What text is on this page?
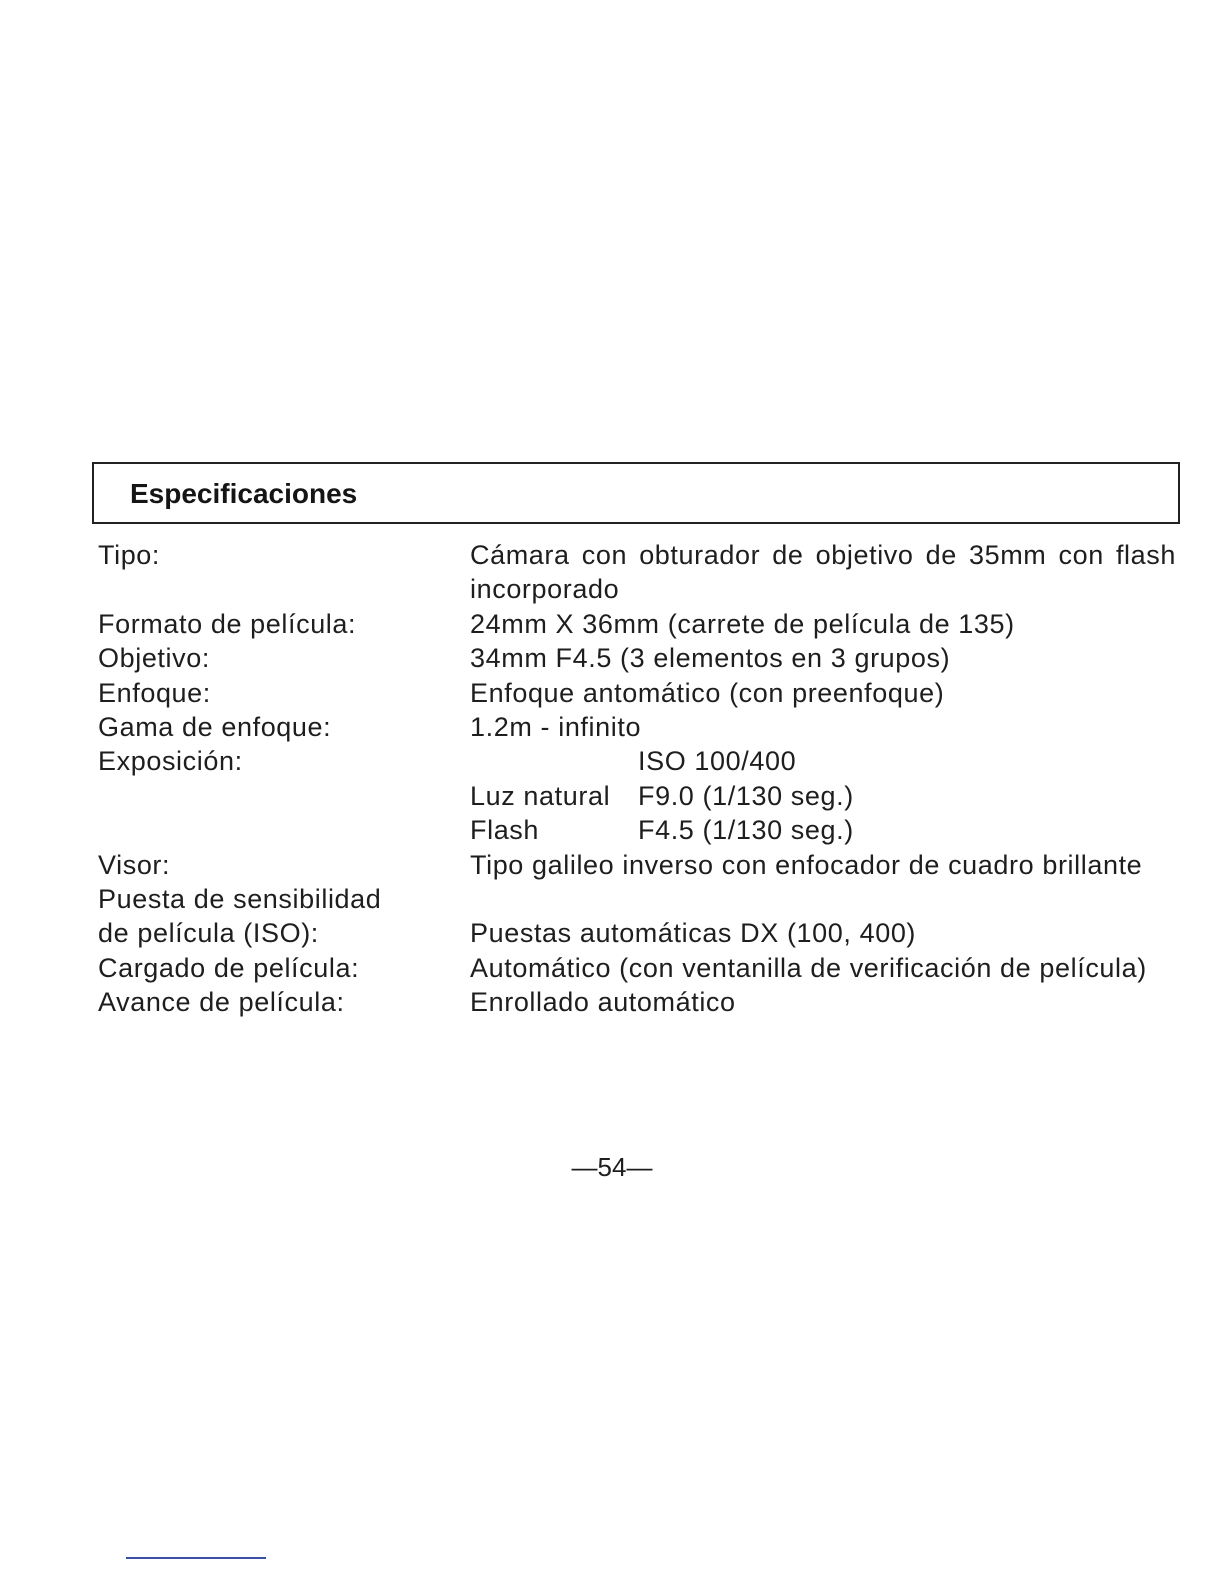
Especificaciones
Tipo:	Cámara con obturador de objetivo de 35mm con flash incorporado
Formato de película:	24mm X 36mm (carrete de película de 135)
Objetivo:	34mm F4.5 (3 elementos en 3 grupos)
Enfoque:	Enfoque antomático (con preenfoque)
Gama de enfoque:	1.2m - infinito
Exposición:	ISO 100/400
Luz natural	F9.0 (1/130 seg.)
Flash	F4.5 (1/130 seg.)
Visor:	Tipo galileo inverso con enfocador de cuadro brillante
Puesta de sensibilidad de película (ISO):	Puestas automáticas DX (100, 400)
Cargado de película:	Automático (con ventanilla de verificación de película)
Avance de película:	Enrollado automático
—54—
